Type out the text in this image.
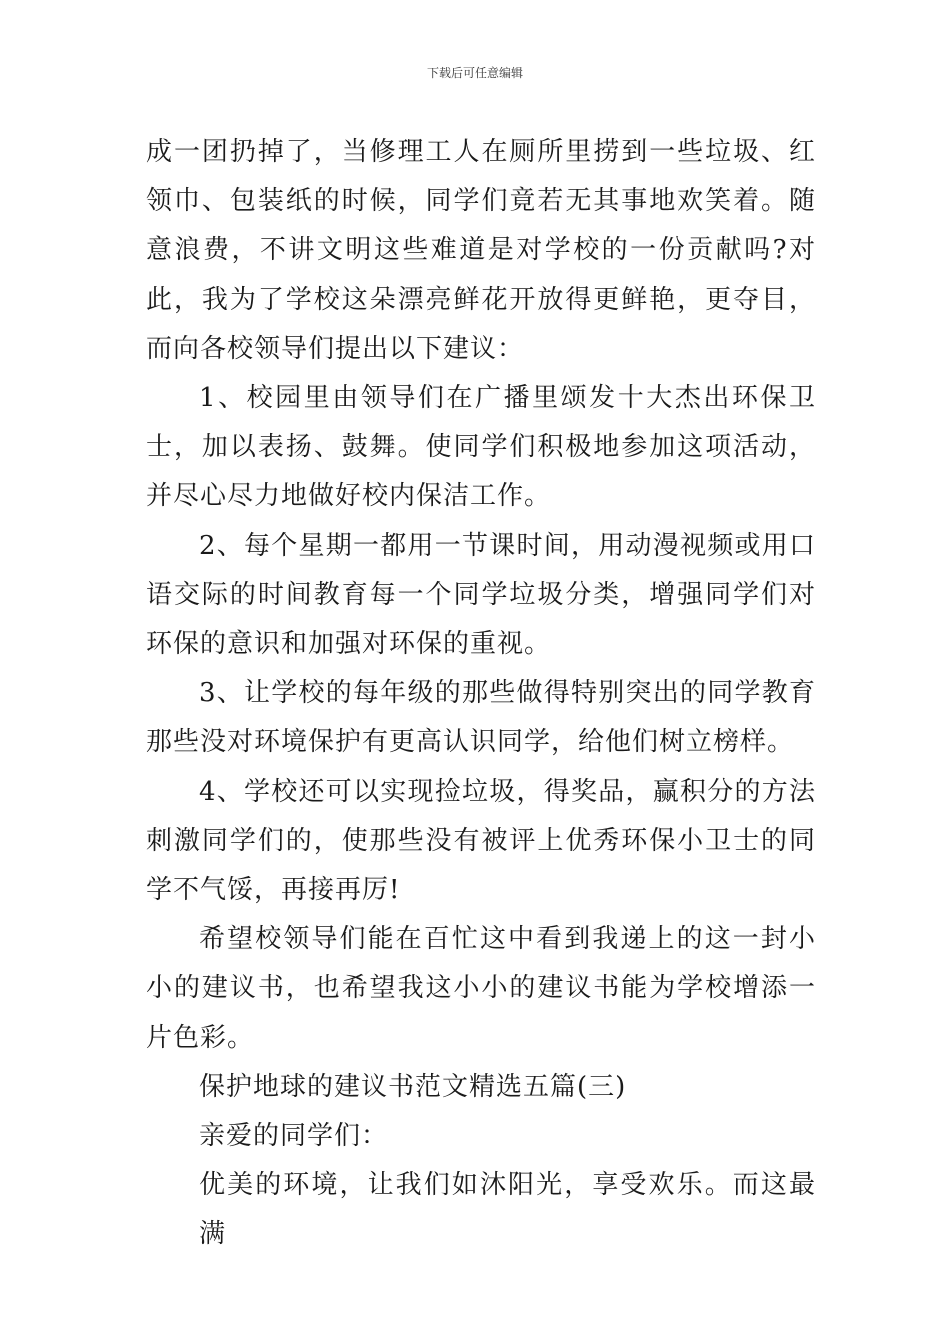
下载后可任意编辑

成一团扔掉了，当修理工人在厕所里捞到一些垃圾、红领巾、包装纸的时候，同学们竟若无其事地欢笑着。随意浪费，不讲文明这些难道是对学校的一份贡献吗?对此，我为了学校这朵漂亮鲜花开放得更鲜艳，更夺目，而向各校领导们提出以下建议：

1、校园里由领导们在广播里颂发十大杰出环保卫士，加以表扬、鼓舞。使同学们积极地参加这项活动，并尽心尽力地做好校内保洁工作。

2、每个星期一都用一节课时间，用动漫视频或用口语交际的时间教育每一个同学垃圾分类，增强同学们对环保的意识和加强对环保的重视。

3、让学校的每年级的那些做得特别突出的同学教育那些没对环境保护有更高认识同学，给他们树立榜样。

4、学校还可以实现捡垃圾，得奖品，赢积分的方法刺激同学们的，使那些没有被评上优秀环保小卫士的同学不气馁，再接再厉!

希望校领导们能在百忙这中看到我递上的这一封小小的建议书，也希望我这小小的建议书能为学校增添一片色彩。

保护地球的建议书范文精选五篇(三)

亲爱的同学们：

优美的环境，让我们如沐阳光，享受欢乐。而这最满
